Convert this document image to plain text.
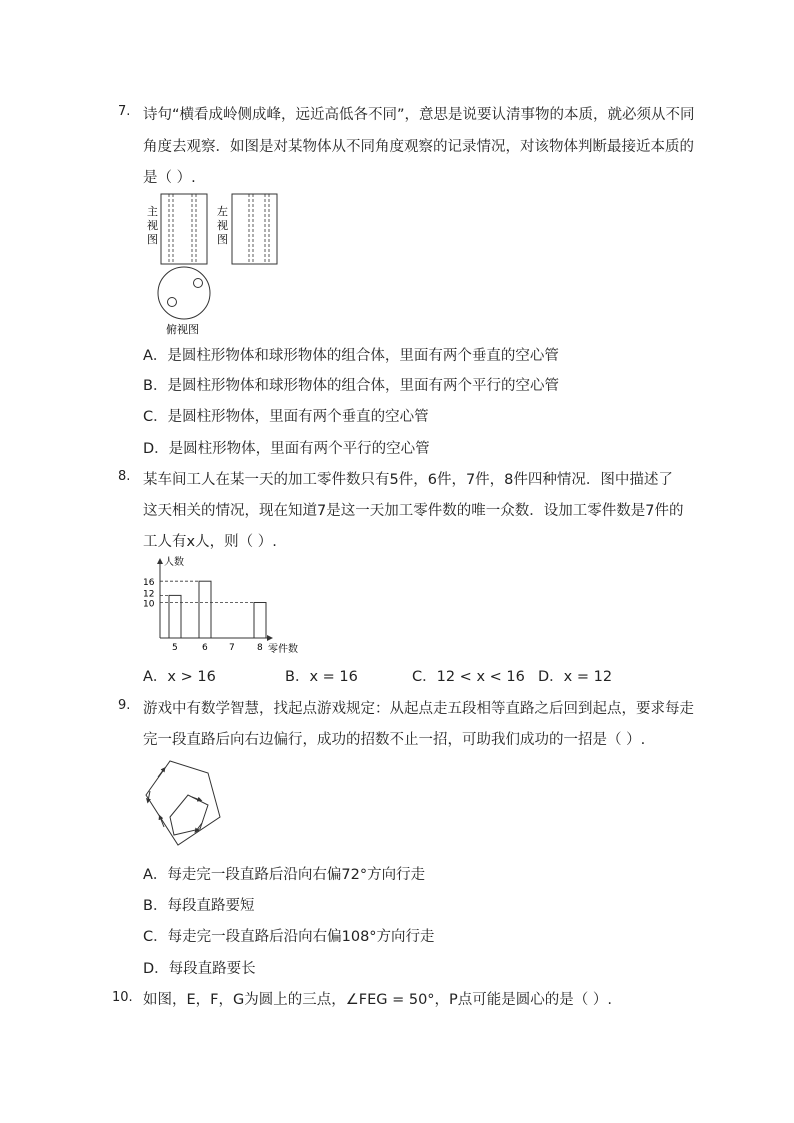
7. 诗句“横看成岭侧成峰，远近高低各不同”，意思是说要认清事物的本质，就必须从不同
角度去观察．如图是对某物体从不同角度观察的记录情况，对该物体判断最接近本质的
是（ ）.
主
视
图
左
视
图
俯视图
A．是圆柱形物体和球形物体的组合体，里面有两个垂直的空心管
B．是圆柱形物体和球形物体的组合体，里面有两个平行的空心管
C．是圆柱形物体，里面有两个垂直的空心管
D．是圆柱形物体，里面有两个平行的空心管
8. 某车间工人在某一天的加工零件数只有5件，6件，7件，8件四种情况．图中描述了
这天相关的情况，现在知道7是这一天加工零件数的唯一众数．设加工零件数是7件的
工人有x人，则（ ）.
人数
零件数
10
12
16
5	6 7 8
A．x > 16	B．x = 16	C．12 < x < 16 D．x = 12
9. 游戏中有数学智慧，找起点游戏规定：从起点走五段相等直路之后回到起点，要求每走
完一段直路后向右边偏行，成功的招数不止一招，可助我们成功的一招是（ ）.
A．每走完一段直路后沿向右偏72°方向行走
B．每段直路要短
C．每走完一段直路后沿向右偏108°方向行走
D．每段直路要长
10. 如图，E，F，G为圆上的三点，∠FEG = 50°，P点可能是圆心的是（ ）.
